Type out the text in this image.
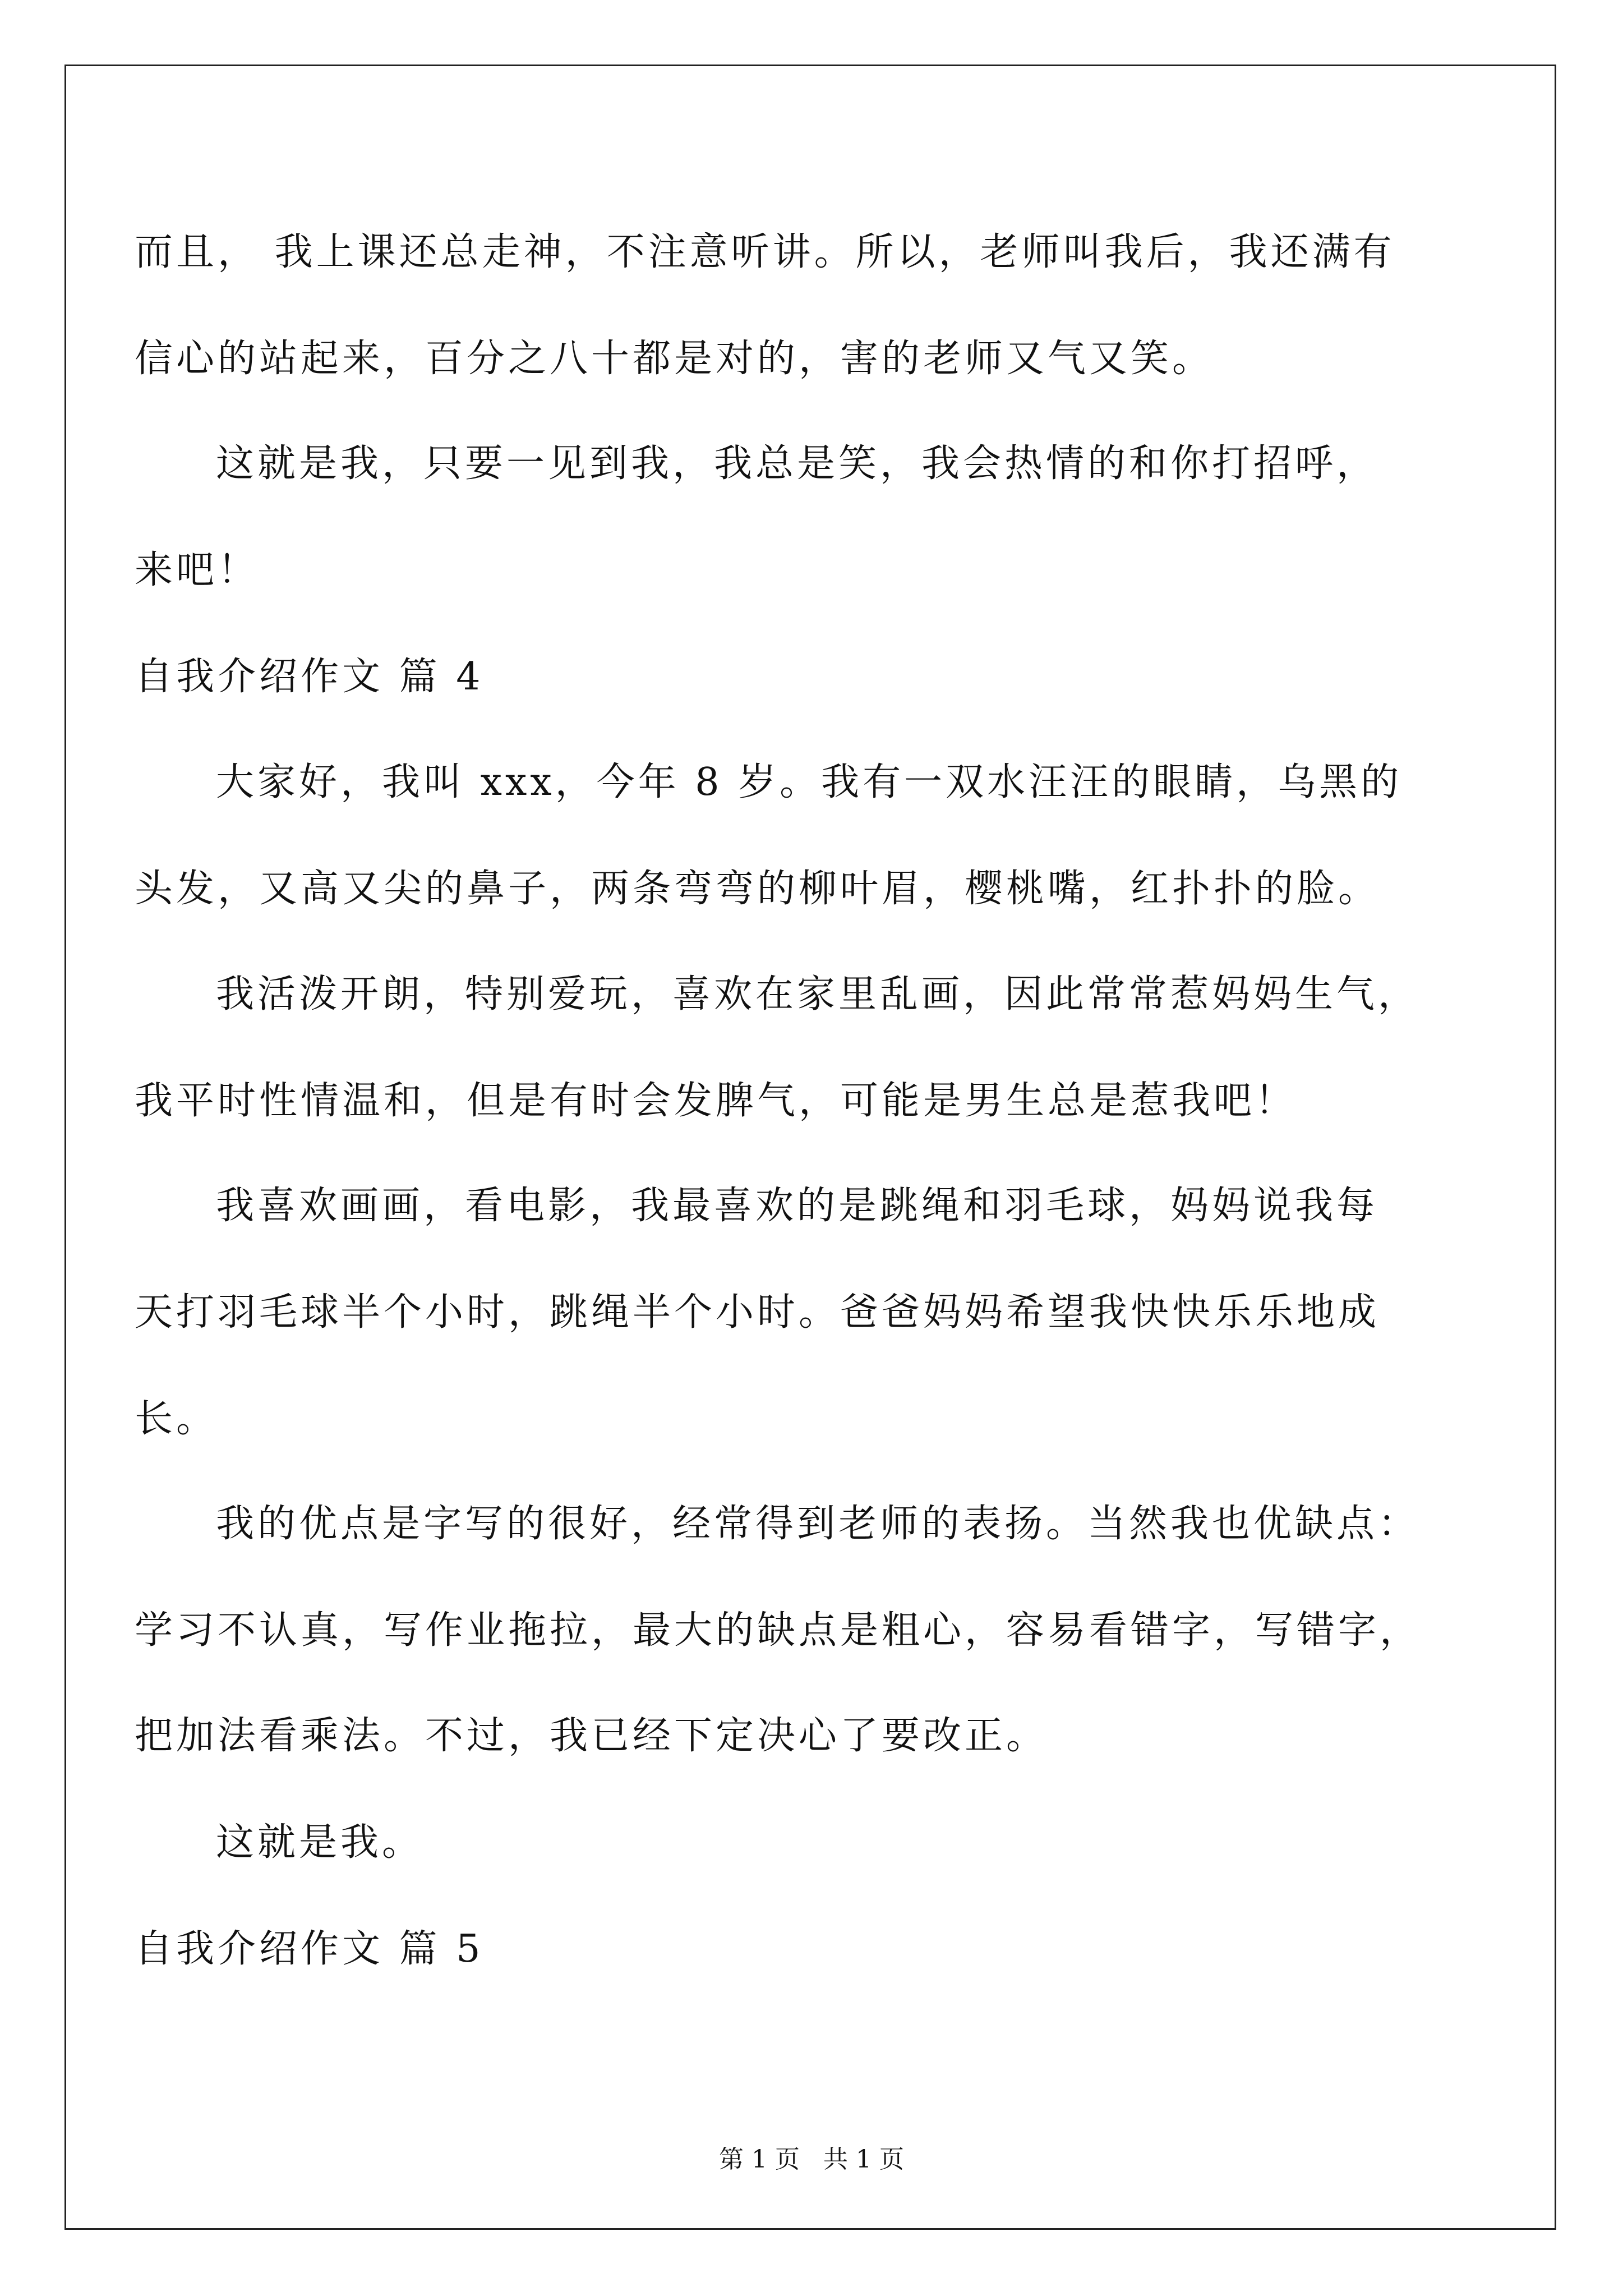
而且， 我上课还总走神，不注意听讲。所以，老师叫我后，我还满有
信心的站起来，百分之八十都是对的，害的老师又气又笑。
这就是我，只要一见到我，我总是笑，我会热情的和你打招呼，
来吧！
自我介绍作文 篇 4
大家好，我叫 xxx，今年 8 岁。我有一双水汪汪的眼睛，乌黑的
头发，又高又尖的鼻子，两条弯弯的柳叶眉，樱桃嘴，红扑扑的脸。
我活泼开朗，特别爱玩，喜欢在家里乱画，因此常常惹妈妈生气，
我平时性情温和，但是有时会发脾气，可能是男生总是惹我吧！
我喜欢画画，看电影，我最喜欢的是跳绳和羽毛球，妈妈说我每
天打羽毛球半个小时，跳绳半个小时。爸爸妈妈希望我快快乐乐地成
长。
我的优点是字写的很好，经常得到老师的表扬。当然我也优缺点：
学习不认真，写作业拖拉，最大的缺点是粗心，容易看错字，写错字，
把加法看乘法。不过，我已经下定决心了要改正。
这就是我。
自我介绍作文 篇 5
第 1 页   共 1 页
